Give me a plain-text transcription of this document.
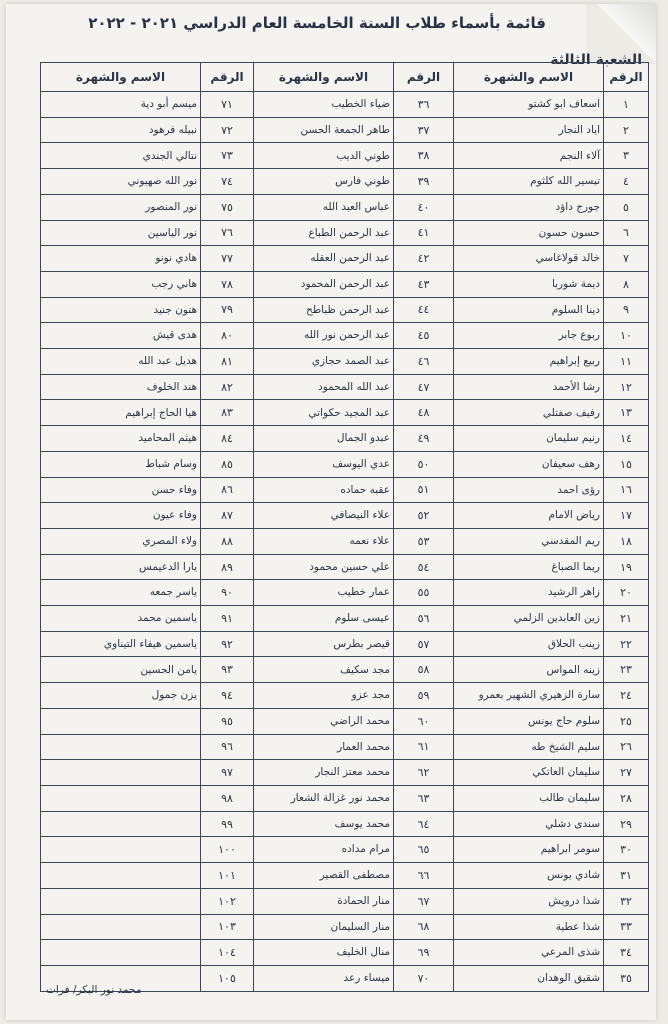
قائمة بأسماء طلاب السنة الخامسة العام الدراسي ٢٠٢١ - ٢٠٢٢
الشعبة الثالثة
الرقم	الاسم والشهرة	الرقم	الاسم والشهرة	الرقم	الاسم والشهرة
١	اسعاف ابو كشتو	٣٦	ضياء الخطيب	٧١	ميسم أبو دية
٢	اياد النجار	٣٧	طاهر الجمعة الحسن	٧٢	نبيله فرهود
٣	آلاء النجم	٣٨	طوني الديب	٧٣	نتالي الجندي
٤	تيسير الله كلثوم	٣٩	طوني فارس	٧٤	نور الله صهيوني
٥	جورج داؤد	٤٠	عباس العبد الله	٧٥	نور المنصور
٦	حسون حسون	٤١	عبد الرحمن الطباع	٧٦	نور الياسين
٧	خالد قولاغاسي	٤٢	عبد الرحمن العقله	٧٧	هادي نونو
٨	ديمة شوربا	٤٣	عبد الرحمن المحمود	٧٨	هاني رجب
٩	دينا السلوم	٤٤	عبد الرحمن ظباطح	٧٩	هتون جنيد
١٠	ربوع جابر	٤٥	عبد الرحمن نور الله	٨٠	هدى قيش
١١	ربيع إبراهيم	٤٦	عبد الصمد حجازي	٨١	هديل عبد الله
١٢	رشا الأحمد	٤٧	عبد الله المحمود	٨٢	هند الخلوف
١٣	رفيف صفتلي	٤٨	عبد المجيد حكواتي	٨٣	هيا الحاج إبراهيم
١٤	رنيم سليمان	٤٩	عبدو الجمال	٨٤	هيثم المحاميد
١٥	رهف سعيفان	٥٠	عدي اليوسف	٨٥	وسام شباط
١٦	رؤى احمد	٥١	عقبه حماده	٨٦	وفاء حسن
١٧	رياض الامام	٥٢	علاء النيصافي	٨٧	وفاء عيون
١٨	ريم المقدسي	٥٣	علاء نعمه	٨٨	ولاء المصري
١٩	ريما الصباغ	٥٤	علي حسين محمود	٨٩	يارا الدعيمس
٢٠	زاهر الرشيد	٥٥	عمار خطيب	٩٠	ياسر جمعه
٢١	زين العابدين الزلمي	٥٦	عيسى سلوم	٩١	ياسمين محمد
٢٢	زينب الحلاق	٥٧	قيصر بطرس	٩٢	ياسمين هيفاء التيناوي
٢٣	زينه المواس	٥٨	مجد سكيف	٩٣	يامن الحسين
٢٤	سارة الزهيري الشهير بعمرو	٥٩	مجد عزو	٩٤	يزن جمول
٢٥	سلوم حاج يونس	٦٠	محمد الراضي	٩٥	
٢٦	سليم الشيخ طه	٦١	محمد العمار	٩٦	
٢٧	سليمان العاتكي	٦٢	محمد معتز النجار	٩٧	
٢٨	سليمان طالب	٦٣	محمد نور غزالة الشعار	٩٨	
٢٩	سندى دشلي	٦٤	محمد يوسف	٩٩	
٣٠	سومر ابراهيم	٦٥	مرام مداده	١٠٠	
٣١	شادي يونس	٦٦	مصطفى القصير	١٠١	
٣٢	شذا درويش	٦٧	منار الحمادة	١٠٢	
٣٣	شذا عطية	٦٨	منار السليمان	١٠٣	
٣٤	شذى المرعي	٦٩	منال الخليف	١٠٤	
٣٥	شقيق الوهدان	٧٠	ميساء رعد	١٠٥	
محمد نور البكر/ فرات
